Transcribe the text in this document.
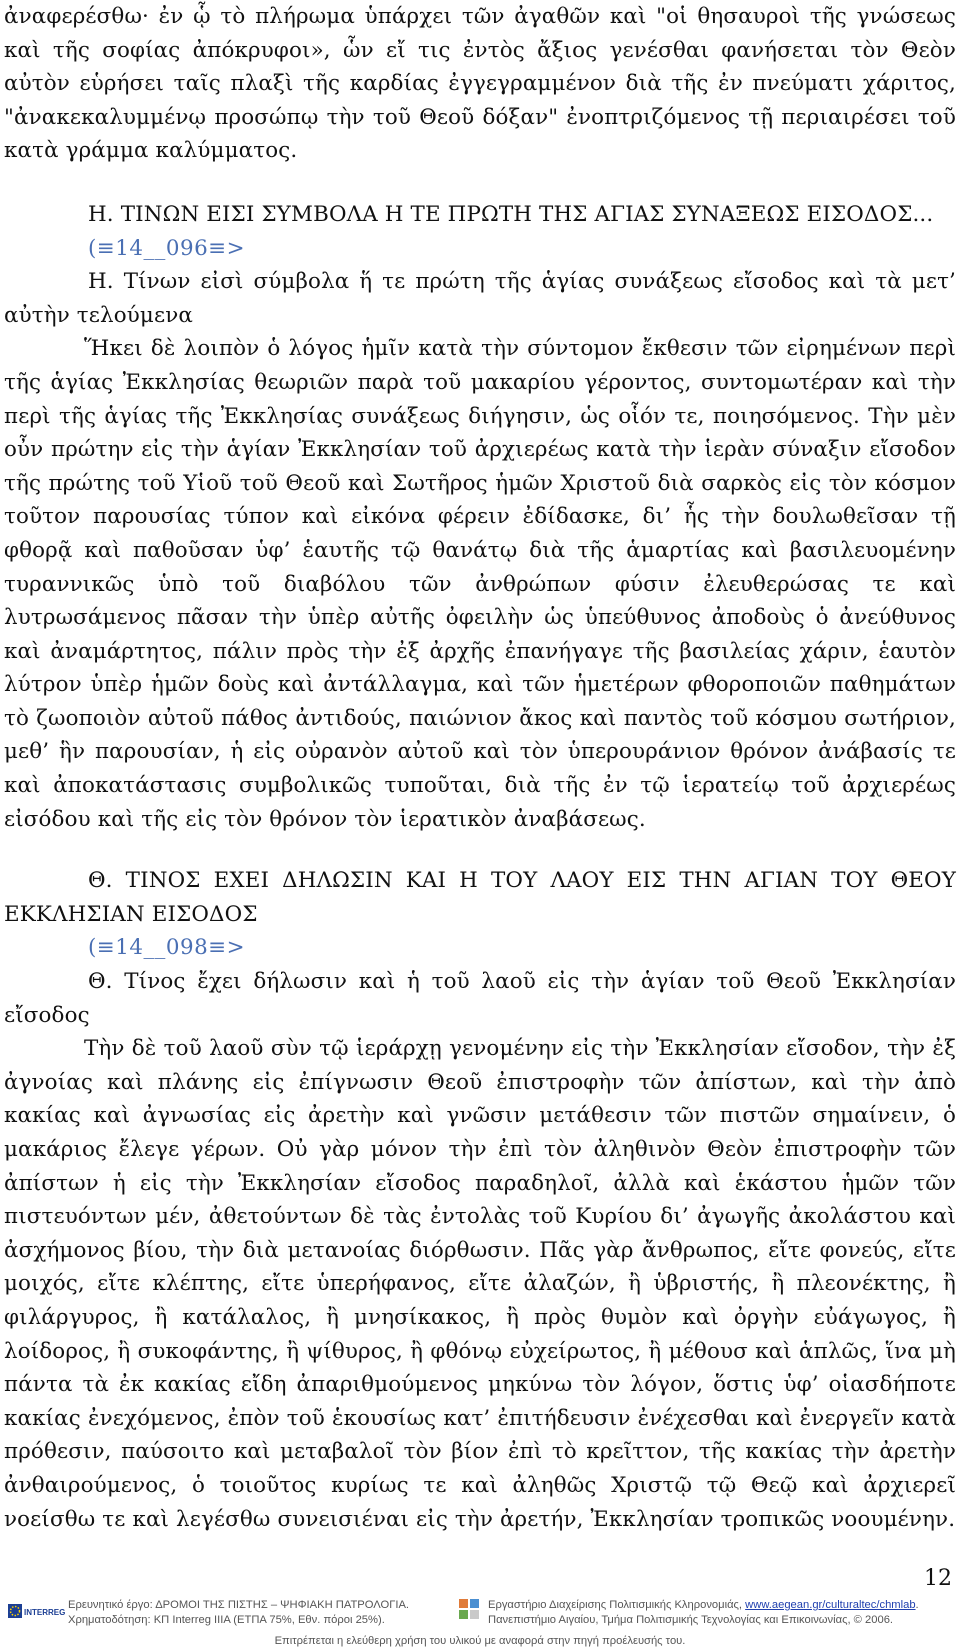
ἀναφερέσθω· ἐν ᾧ τὸ πλήρωμα ὑπάρχει τῶν ἀγαθῶν καὶ "οἱ θησαυροὶ τῆς γνώσεως καὶ τῆς σοφίας ἀπόκρυφοι», ὧν εἴ τις ἐντὸς ἄξιος γενέσθαι φανήσεται τὸν Θεὸν αὐτὸν εὑρήσει ταῖς πλαξὶ τῆς καρδίας ἐγγεγραμμένον διὰ τῆς ἐν πνεύματι χάριτος, "ἀνακεκαλυμμένῳ προσώπῳ τὴν τοῦ Θεοῦ δόξαν" ἐνοπτριζόμενος τῇ περιαιρέσει τοῦ κατὰ γράμμα καλύμματος.

Η. ΤΙΝΩΝ ΕΙΣΙ ΣΥΜΒΟΛΑ Η ΤΕ ΠΡΩΤΗ ΤΗΣ ΑΓΙΑΣ ΣΥΝΑΞΕΩΣ ΕΙΣΟΔΟΣ...

(≡14__096≡>

Η. Τίνων εἰσὶ σύμβολα ἥ τε πρώτη τῆς ἁγίας συνάξεως εἴσοδος καὶ τὰ μετ’ αὐτὴν τελούμενα

Ἥκει δὲ λοιπὸν ὁ λόγος ἡμῖν κατὰ τὴν σύντομον ἔκθεσιν τῶν εἰρημένων περὶ τῆς ἁγίας Ἐκκλησίας θεωριῶν παρὰ τοῦ μακαρίου γέροντος, συντομωτέραν καὶ τὴν περὶ τῆς ἁγίας τῆς Ἐκκλησίας συνάξεως διήγησιν, ὡς οἷόν τε, ποιησόμενος. Τὴν μὲν οὖν πρώτην εἰς τὴν ἁγίαν Ἐκκλησίαν τοῦ ἀρχιερέως κατὰ τὴν ἱερὰν σύναξιν εἴσοδον τῆς πρώτης τοῦ Υἱοῦ τοῦ Θεοῦ καὶ Σωτῆρος ἡμῶν Χριστοῦ διὰ σαρκὸς εἰς τὸν κόσμον τοῦτον παρουσίας τύπον καὶ εἰκόνα φέρειν ἐδίδασκε, δι’ ἧς τὴν δουλωθεῖσαν τῇ φθορᾷ καὶ παθοῦσαν ὑφ’ ἑαυτῆς τῷ θανάτῳ διὰ τῆς ἁμαρτίας καὶ βασιλευομένην τυραννικῶς ὑπὸ τοῦ διαβόλου τῶν ἀνθρώπων φύσιν ἐλευθερώσας τε καὶ λυτρωσάμενος πᾶσαν τὴν ὑπὲρ αὐτῆς ὀφειλὴν ὡς ὑπεύθυνος ἀποδοὺς ὁ ἀνεύθυνος καὶ ἀναμάρτητος, πάλιν πρὸς τὴν ἐξ ἀρχῆς ἐπανήγαγε τῆς βασιλείας χάριν, ἑαυτὸν λύτρον ὑπὲρ ἡμῶν δοὺς καὶ ἀντάλλαγμα, καὶ τῶν ἡμετέρων φθοροποιῶν παθημάτων τὸ ζωοποιὸν αὐτοῦ πάθος ἀντιδούς, παιώνιον ἄκος καὶ παντὸς τοῦ κόσμου σωτήριον, μεθ’ ἣν παρουσίαν, ἡ εἰς οὐρανὸν αὐτοῦ καὶ τὸν ὑπερουράνιον θρόνον ἀνάβασίς τε καὶ ἀποκατάστασις συμβολικῶς τυποῦται, διὰ τῆς ἐν τῷ ἱερατείῳ τοῦ ἀρχιερέως εἰσόδου καὶ τῆς εἰς τὸν θρόνον τὸν ἱερατικὸν ἀναβάσεως.

Θ. ΤΙΝΟΣ ΕΧΕΙ ΔΗΛΩΣΙΝ ΚΑΙ Η ΤΟΥ ΛΑΟΥ ΕΙΣ ΤΗΝ ΑΓΙΑΝ ΤΟΥ ΘΕΟΥ ΕΚΚΛΗΣΙΑΝ ΕΙΣΟΔΟΣ

(≡14__098≡>

Θ. Τίνος ἔχει δήλωσιν καὶ ἡ τοῦ λαοῦ εἰς τὴν ἁγίαν τοῦ Θεοῦ Ἐκκλησίαν εἴσοδος

Τὴν δὲ τοῦ λαοῦ σὺν τῷ ἱεράρχῃ γενομένην εἰς τὴν Ἐκκλησίαν εἴσοδον, τὴν ἐξ ἀγνοίας καὶ πλάνης εἰς ἐπίγνωσιν Θεοῦ ἐπιστροφὴν τῶν ἀπίστων, καὶ τὴν ἀπὸ κακίας καὶ ἀγνωσίας εἰς ἀρετὴν καὶ γνῶσιν μετάθεσιν τῶν πιστῶν σημαίνειν, ὁ μακάριος ἔλεγε γέρων. Οὐ γὰρ μόνον τὴν ἐπὶ τὸν ἀληθινὸν Θεὸν ἐπιστροφὴν τῶν ἀπίστων ἡ εἰς τὴν Ἐκκλησίαν εἴσοδος παραδηλοῖ, ἀλλὰ καὶ ἑκάστου ἡμῶν τῶν πιστευόντων μέν, ἀθετούντων δὲ τὰς ἐντολὰς τοῦ Κυρίου δι’ ἀγωγῆς ἀκολάστου καὶ ἀσχήμονος βίου, τὴν διὰ μετανοίας διόρθωσιν. Πᾶς γὰρ ἄνθρωπος, εἴτε φονεύς, εἴτε μοιχός, εἴτε κλέπτης, εἴτε ὑπερήφανος, εἴτε ἀλαζών, ἢ ὑβριστής, ἢ πλεονέκτης, ἢ φιλάργυρος, ἢ κατάλαλος, ἢ μνησίκακος, ἢ πρὸς θυμὸν καὶ ὀργὴν εὐάγωγος, ἢ λοίδορος, ἢ συκοφάντης, ἢ ψίθυρος, ἢ φθόνῳ εὐχείρωτος, ἢ μέθουσ καὶ ἁπλῶς, ἵνα μὴ πάντα τὰ ἐκ κακίας εἴδη ἀπαριθμούμενος μηκύνω τὸν λόγον, ὅστις ὑφ’ οἱασδήποτε κακίας ἐνεχόμενος, ἐπὸν τοῦ ἑκουσίως κατ’ ἐπιτήδευσιν ἐνέχεσθαι καὶ ἐνεργεῖν κατὰ πρόθεσιν, παύσοιτο καὶ μεταβαλοῖ τὸν βίον ἐπὶ τὸ κρεῖττον, τῆς κακίας τὴν ἀρετὴν ἀνθαιρούμενος, ὁ τοιοῦτος κυρίως τε καὶ ἀληθῶς Χριστῷ τῷ Θεῷ καὶ ἀρχιερεῖ νοείσθω τε καὶ λεγέσθω συνεισιέναι εἰς τὴν ἀρετήν, Ἐκκλησίαν τροπικῶς νοουμένην.

12
INTERREG
Ερευνητικό έργο: ΔΡΟΜΟΙ ΤΗΣ ΠΙΣΤΗΣ – ΨΗΦΙΑΚΗ ΠΑΤΡΟΛΟΓΙΑ.
Χρηματοδότηση: ΚΠ Interreg IIIA (ΕΤΠΑ 75%, Εθν. πόροι 25%).
Εργαστήριο Διαχείρισης Πολιτισμικής Κληρονομιάς, www.aegean.gr/culturaltec/chmlab.
Πανεπιστήμιο Αιγαίου, Τμήμα Πολιτισμικής Τεχνολογίας και Επικοινωνίας, © 2006.
Επιτρέπεται η ελεύθερη χρήση του υλικού με αναφορά στην πηγή προέλευσής του.
